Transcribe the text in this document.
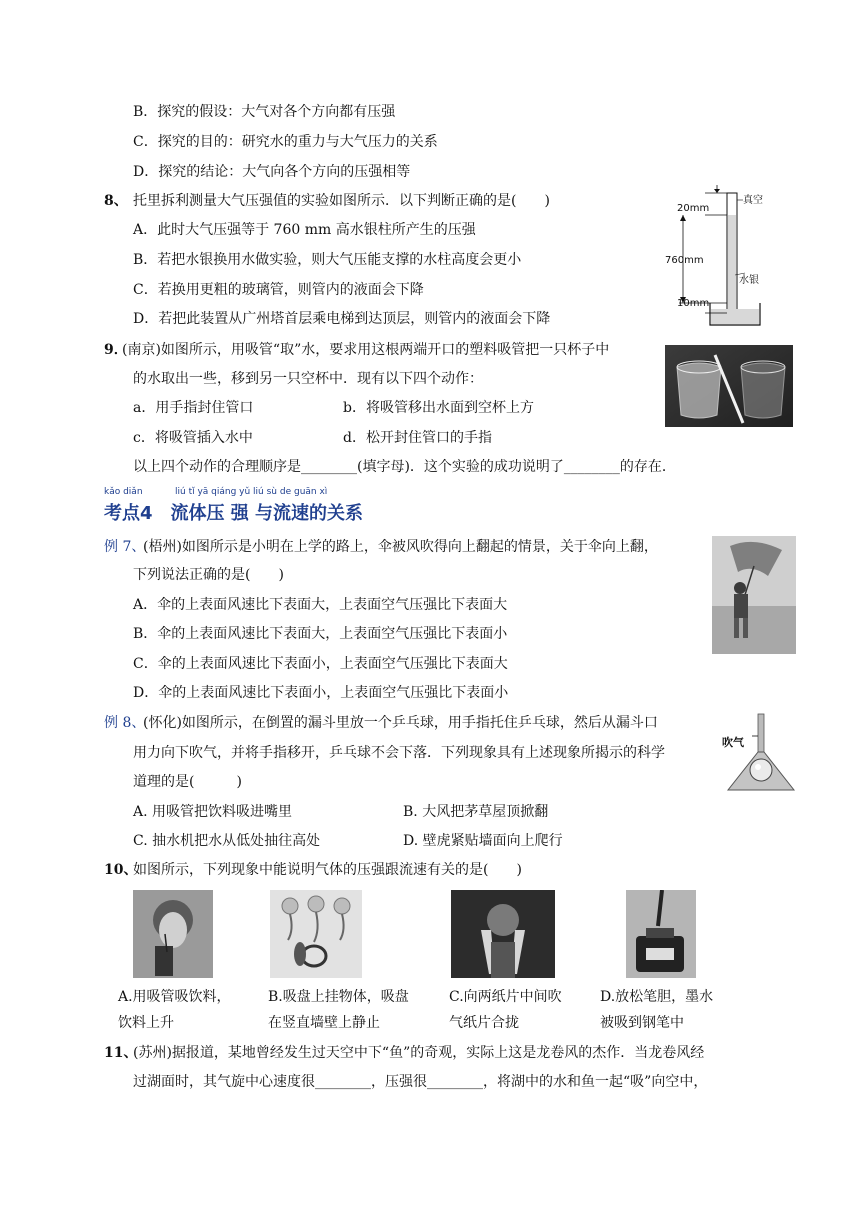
B．探究的假设：大气对各个方向都有压强
C．探究的目的：研究水的重力与大气压力的关系
D．探究的结论：大气向各个方向的压强相等
8、 托里拆利测量大气压强值的实验如图所示．以下判断正确的是(　　)
A．此时大气压强等于 760 mm 高水银柱所产生的压强
B．若把水银换用水做实验，则大气压能支撑的水柱高度会更小
C．若换用更粗的玻璃管，则管内的液面会下降
D．若把此装置从广州塔首层乘电梯到达顶层，则管内的液面会下降
20mm
真空
760mm
水银
10mm
9．
(南京)如图所示，用吸管“取”水，要求用这根两端开口的塑料吸管把一只杯子中
的水取出一些，移到另一只空杯中．现有以下四个动作：
a．用手指封住管口	b．将吸管移出水面到空杯上方
c．将吸管插入水中	d．松开封住管口的手指
以上四个动作的合理顺序是________(填字母)．这个实验的成功说明了________的存在．
kǎo diǎn	liú tǐ yā qiáng yǔ liú sù de guān xì
考点4　流体压 强 与流速的关系
例 7、
(梧州)如图所示是小明在上学的路上，伞被风吹得向上翻起的情景，关于伞向上翻，
下列说法正确的是(　　)
A．伞的上表面风速比下表面大，上表面空气压强比下表面大
B．伞的上表面风速比下表面大，上表面空气压强比下表面小
C．伞的上表面风速比下表面小，上表面空气压强比下表面大
D．伞的上表面风速比下表面小，上表面空气压强比下表面小
例 8、
(怀化)如图所示，在倒置的漏斗里放一个乒乓球，用手指托住乒乓球，然后从漏斗口
用力向下吹气，并将手指移开，乒乓球不会下落．下列现象具有上述现象所揭示的科学
道理的是(　　　)
A. 用吸管把饮料吸进嘴里	B. 大风把茅草屋顶掀翻
C. 抽水机把水从低处抽往高处	D. 壁虎紧贴墙面向上爬行
吹气
10、
如图所示，下列现象中能说明气体的压强跟流速有关的是(　　)
A.用吸管吸饮料，
饮料上升
B.吸盘上挂物体，吸盘
在竖直墙壁上静止
C.向两纸片中间吹
气纸片合拢
D.放松笔胆，墨水
被吸到钢笔中
11、
(苏州)据报道，某地曾经发生过天空中下“鱼”的奇观，实际上这是龙卷风的杰作．当龙卷风经
过湖面时，其气旋中心速度很________，压强很________，将湖中的水和鱼一起“吸”向空中，
